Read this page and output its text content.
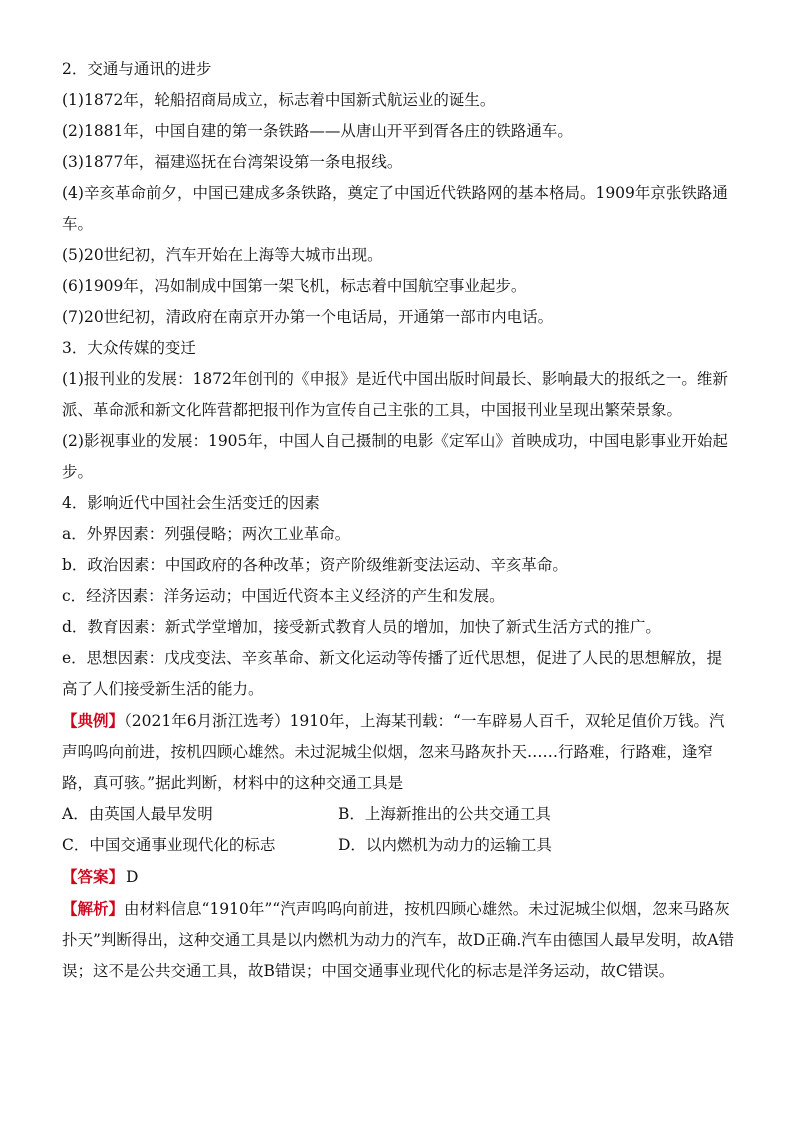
2．交通与通讯的进步

(1)1872年，轮船招商局成立，标志着中国新式航运业的诞生。

(2)1881年，中国自建的第一条铁路——从唐山开平到胥各庄的铁路通车。

(3)1877年，福建巡抚在台湾架设第一条电报线。

(4)辛亥革命前夕，中国已建成多条铁路，奠定了中国近代铁路网的基本格局。1909年京张铁路通车。

(5)20世纪初，汽车开始在上海等大城市出现。

(6)1909年，冯如制成中国第一架飞机，标志着中国航空事业起步。

(7)20世纪初，清政府在南京开办第一个电话局，开通第一部市内电话。

3．大众传媒的变迁

(1)报刊业的发展：1872年创刊的《申报》是近代中国出版时间最长、影响最大的报纸之一。维新派、革命派和新文化阵营都把报刊作为宣传自己主张的工具，中国报刊业呈现出繁荣景象。

(2)影视事业的发展：1905年，中国人自己摄制的电影《定军山》首映成功，中国电影事业开始起步。

4．影响近代中国社会生活变迁的因素

a．外界因素：列强侵略；两次工业革命。

b．政治因素：中国政府的各种改革；资产阶级维新变法运动、辛亥革命。

c．经济因素：洋务运动；中国近代资本主义经济的产生和发展。

d．教育因素：新式学堂增加，接受新式教育人员的增加，加快了新式生活方式的推广。

e．思想因素：戊戌变法、辛亥革命、新文化运动等传播了近代思想，促进了人民的思想解放，提高了人们接受新生活的能力。

【典例】（2021年6月浙江选考）1910年，上海某刊载：“一车辟易人百千，双轮足值价万钱。汽声呜呜向前进，按机四顾心雄然。未过泥城尘似烟，忽来马路灰扑天……行路难，行路难，逢窄路，真可骇。”据此判断，材料中的这种交通工具是

A．由英国人最早发明	B．上海新推出的公共交通工具
C．中国交通事业现代化的标志	D．以内燃机为动力的运输工具

【答案】 D

【解析】由材料信息“1910年”“汽声呜呜向前进，按机四顾心雄然。未过泥城尘似烟，忽来马路灰扑天”判断得出，这种交通工具是以内燃机为动力的汽车，故D正确.汽车由德国人最早发明，故A错误；这不是公共交通工具，故B错误；中国交通事业现代化的标志是洋务运动，故C错误。
